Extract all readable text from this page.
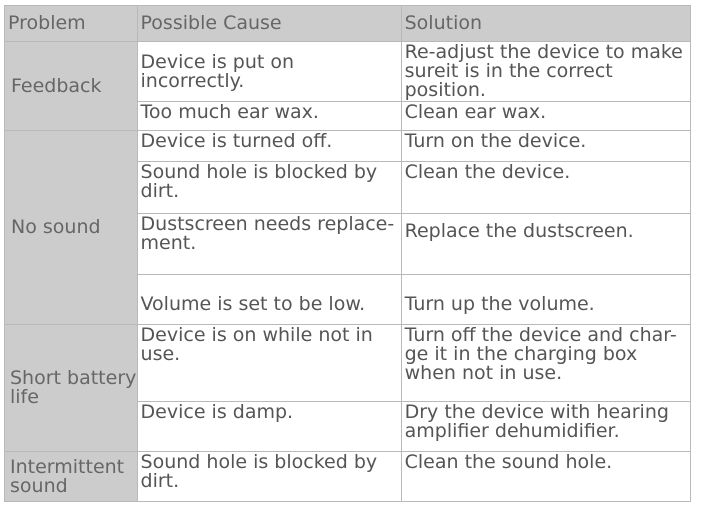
Problem	Possible Cause	Solution
Feedback	Device is put on incorrectly.	Re-adjust the device to make sureit is in the correct position.
	Too much ear wax.	Clean ear wax.
No sound	Device is turned off.	Turn on the device.
	Sound hole is blocked by dirt.	Clean the device.
	Dustscreen needs replace-ment.	Replace the dustscreen.
	Volume is set to be low.	Turn up the volume.
Short battery life	Device is on while not in use.	Turn off the device and char-ge it in the charging box when not in use.
	Device is damp.	Dry the device with hearing amplifier dehumidifier.
Intermittent sound	Sound hole is blocked by dirt.	Clean the sound hole.
